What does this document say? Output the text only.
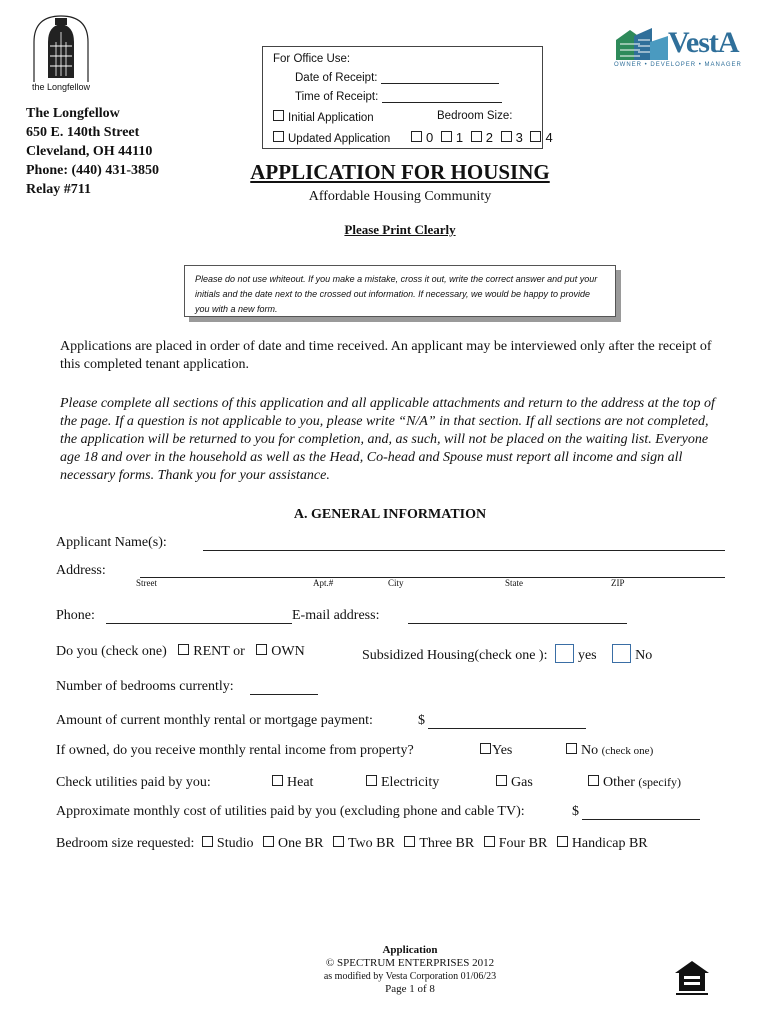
the Longfellow
VestA
OWNER • DEVELOPER • MANAGER
The Longfellow
650 E. 140th Street
Cleveland, OH 44110
Phone: (440) 431-3850
Relay #711
For Office Use:
Date of Receipt:
Time of Receipt:
Initial Application	Bedroom Size:
Updated Application	0 1 2 3 4
APPLICATION FOR HOUSING
Affordable Housing Community
Please Print Clearly
Please do not use whiteout. If you make a mistake, cross it out, write the correct answer and put your initials and the date next to the crossed out information. If necessary, we would be happy to provide you with a new form.
Applications are placed in order of date and time received. An applicant may be interviewed only after the receipt of this completed tenant application.
Please complete all sections of this application and all applicable attachments and return to the address at the top of the page. If a question is not applicable to you, please write “N/A” in that section. If all sections are not completed, the application will be returned to you for completion, and, as such, will not be placed on the waiting list. Everyone age 18 and over in the household as well as the Head, Co-head and Spouse must report all income and sign all necessary forms. Thank you for your assistance.
A. GENERAL INFORMATION
Applicant Name(s):
Address:
Street	Apt.#	City	State	ZIP
Phone:	E-mail address:
Do you (check one) RENT or OWN	Subsidized Housing(check one ): yes	No
Number of bedrooms currently:
Amount of current monthly rental or mortgage payment:	$
If owned, do you receive monthly rental income from property?	Yes	No (check one)
Check utilities paid by you:	Heat	Electricity	Gas	Other (specify)
Approximate monthly cost of utilities paid by you (excluding phone and cable TV):	$
Bedroom size requested: Studio One BR Two BR Three BR Four BR Handicap BR
Application
© SPECTRUM ENTERPRISES 2012
as modified by Vesta Corporation 01/06/23
Page 1 of 8
